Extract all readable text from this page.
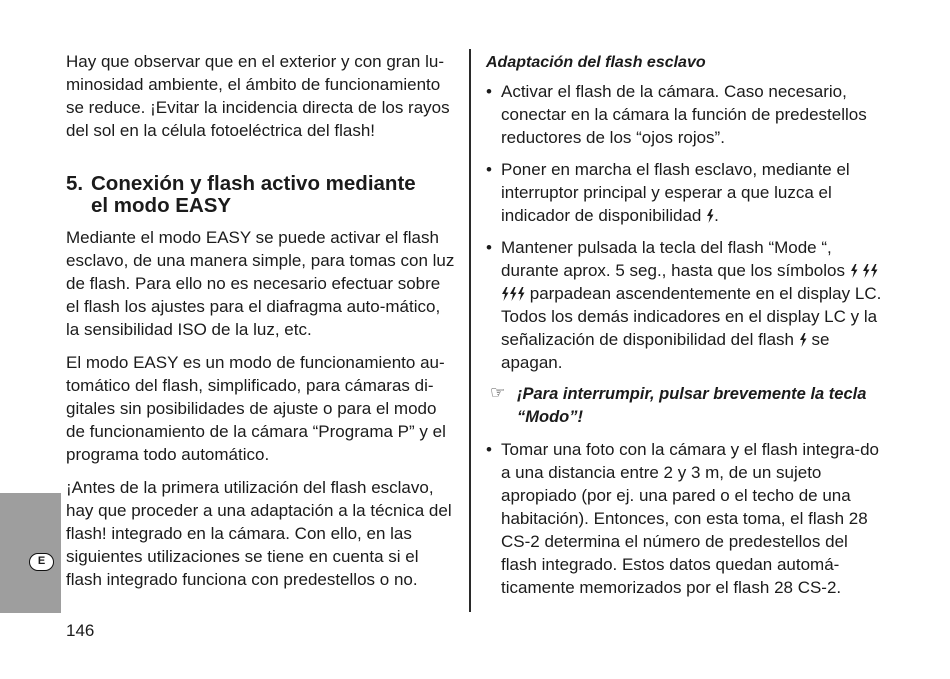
Hay que observar que en el exterior y con gran lu-minosidad ambiente, el ámbito de funcionamiento se reduce. ¡Evitar la incidencia directa de los rayos del sol en la célula fotoeléctrica del flash!

5. Conexión y flash activo mediante
el modo EASY

Mediante el modo EASY se puede activar el flash esclavo, de una manera simple, para tomas con luz de flash. Para ello no es necesario efectuar sobre el flash los ajustes para el diafragma auto-mático, la sensibilidad ISO de la luz, etc.

El modo EASY es un modo de funcionamiento au-tomático del flash, simplificado, para cámaras di-gitales sin posibilidades de ajuste o para el modo de funcionamiento de la cámara “Programa P” y el programa todo automático.

¡Antes de la primera utilización del flash esclavo, hay que proceder a una adaptación a la técnica del flash! integrado en la cámara. Con ello, en las siguientes utilizaciones se tiene en cuenta si el flash integrado funciona con predestellos o no.

Adaptación del flash esclavo

• Activar el flash de la cámara. Caso necesario, conectar en la cámara la función de predestellos reductores de los “ojos rojos”.

• Poner en marcha el flash esclavo, mediante el interruptor principal y esperar a que luzca el indicador de disponibilidad .

• Mantener pulsada la tecla del flash “Mode “, durante aprox. 5 seg., hasta que los símbolos

parpadean ascendentemente en el display LC. Todos los demás indicadores en el display LC y la señalización de disponibilidad del flash se apagan.

☞ ¡Para interrumpir, pulsar brevemente la tecla “Modo”!

• Tomar una foto con la cámara y el flash integra-do a una distancia entre 2 y 3 m, de un sujeto apropiado (por ej. una pared o el techo de una habitación). Entonces, con esta toma, el flash 28 CS-2 determina el número de predestellos del flash integrado. Estos datos quedan automá-ticamente memorizados por el flash 28 CS-2.

E
146
